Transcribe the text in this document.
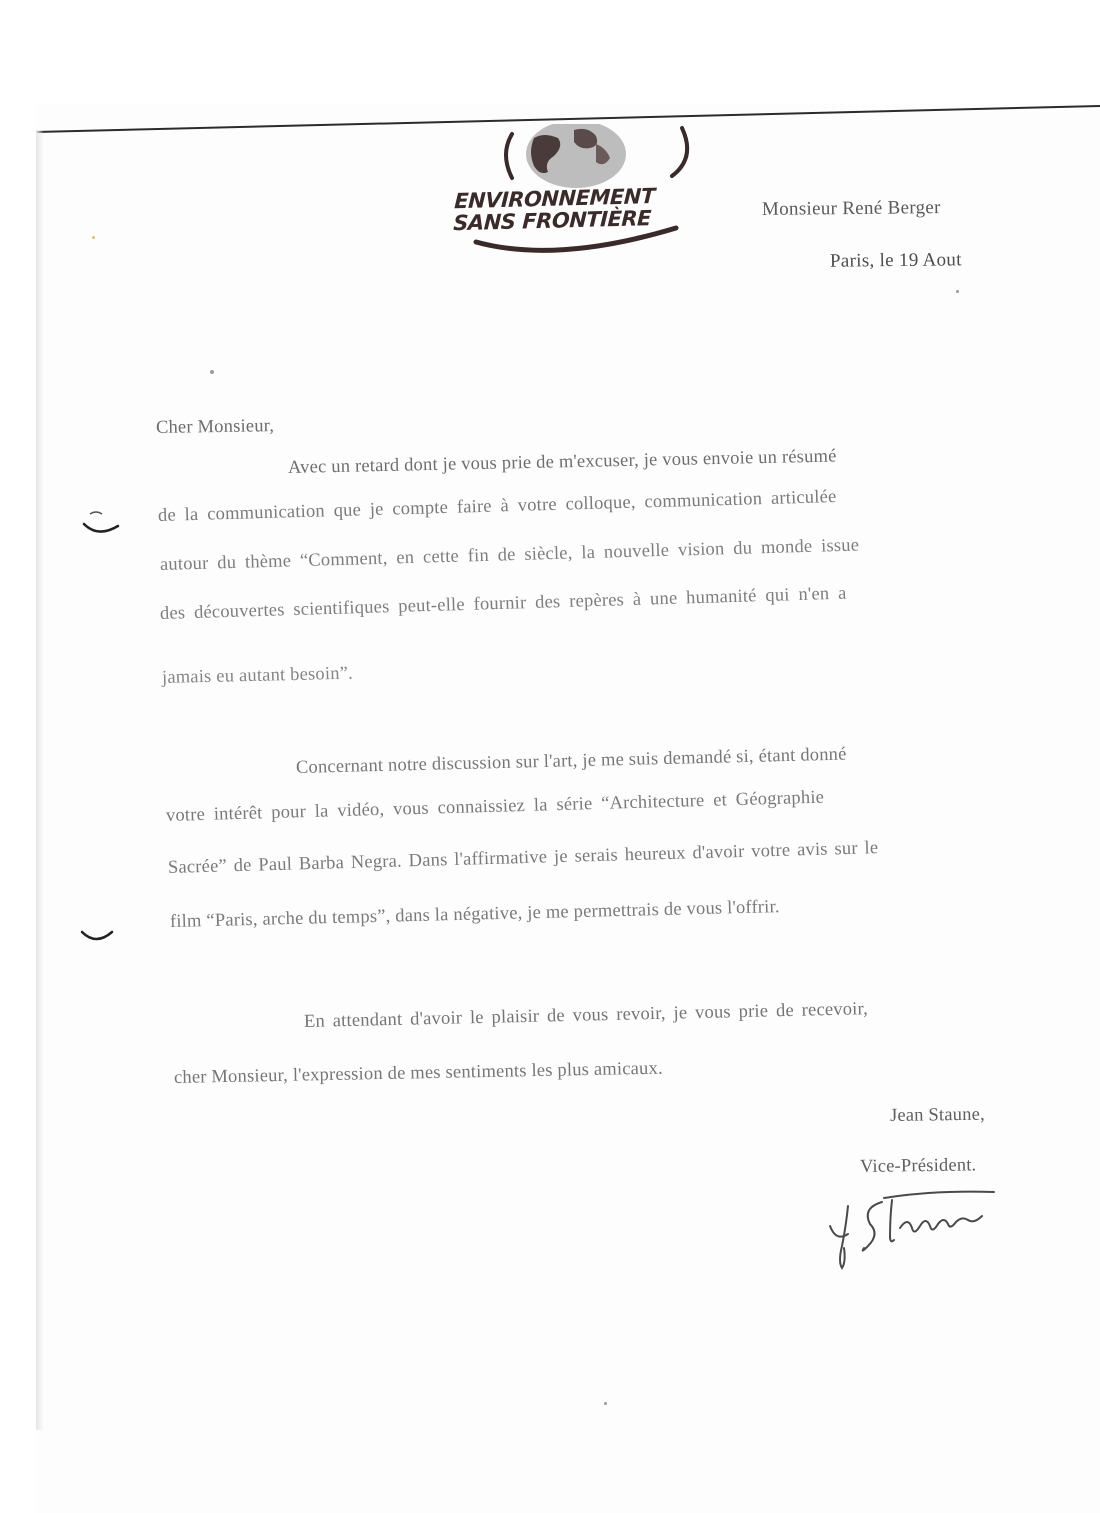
ENVIRONNEMENT
SANS FRONTIÈRE	Monsieur René Berger
Paris, le 19 Aout
Cher Monsieur,
Avec un retard dont je vous prie de m'excuser, je vous envoie un résumé
de la communication que je compte faire à votre colloque, communication articulée
autour du thème “Comment, en cette fin de siècle, la nouvelle vision du monde issue
des découvertes scientifiques peut-elle fournir des repères à une humanité qui n'en a
jamais eu autant besoin”.
Concernant notre discussion sur l'art, je me suis demandé si, étant donné
votre intérêt pour la vidéo, vous connaissiez la série “Architecture et Géographie
Sacrée” de Paul Barba Negra. Dans l'affirmative je serais heureux d'avoir votre avis sur le
film “Paris, arche du temps”, dans la négative, je me permettrais de vous l'offrir.
En attendant d'avoir le plaisir de vous revoir, je vous prie de recevoir,
cher Monsieur, l'expression de mes sentiments les plus amicaux.
Jean Staune,
Vice-Président.
